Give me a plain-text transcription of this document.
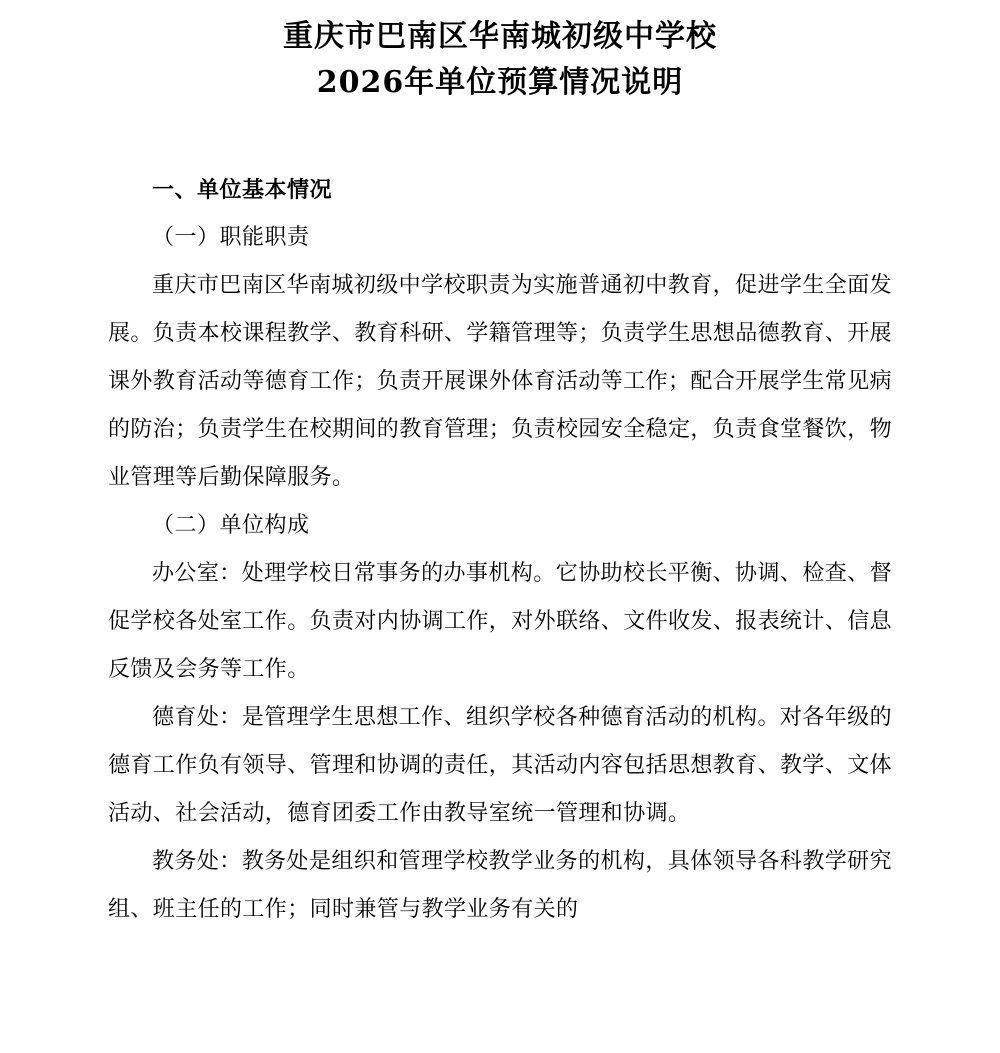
重庆市巴南区华南城初级中学校
2026年单位预算情况说明

一、单位基本情况

（一）职能职责

重庆市巴南区华南城初级中学校职责为实施普通初中教育，促进学生全面发展。负责本校课程教学、教育科研、学籍管理等；负责学生思想品德教育、开展课外教育活动等德育工作；负责开展课外体育活动等工作；配合开展学生常见病的防治；负责学生在校期间的教育管理；负责校园安全稳定，负责食堂餐饮，物业管理等后勤保障服务。

（二）单位构成

办公室：处理学校日常事务的办事机构。它协助校长平衡、协调、检查、督促学校各处室工作。负责对内协调工作，对外联络、文件收发、报表统计、信息反馈及会务等工作。

德育处：是管理学生思想工作、组织学校各种德育活动的机构。对各年级的德育工作负有领导、管理和协调的责任，其活动内容包括思想教育、教学、文体活动、社会活动，德育团委工作由教导室统一管理和协调。

教务处：教务处是组织和管理学校教学业务的机构，具体领导各科教学研究组、班主任的工作；同时兼管与教学业务有关的
